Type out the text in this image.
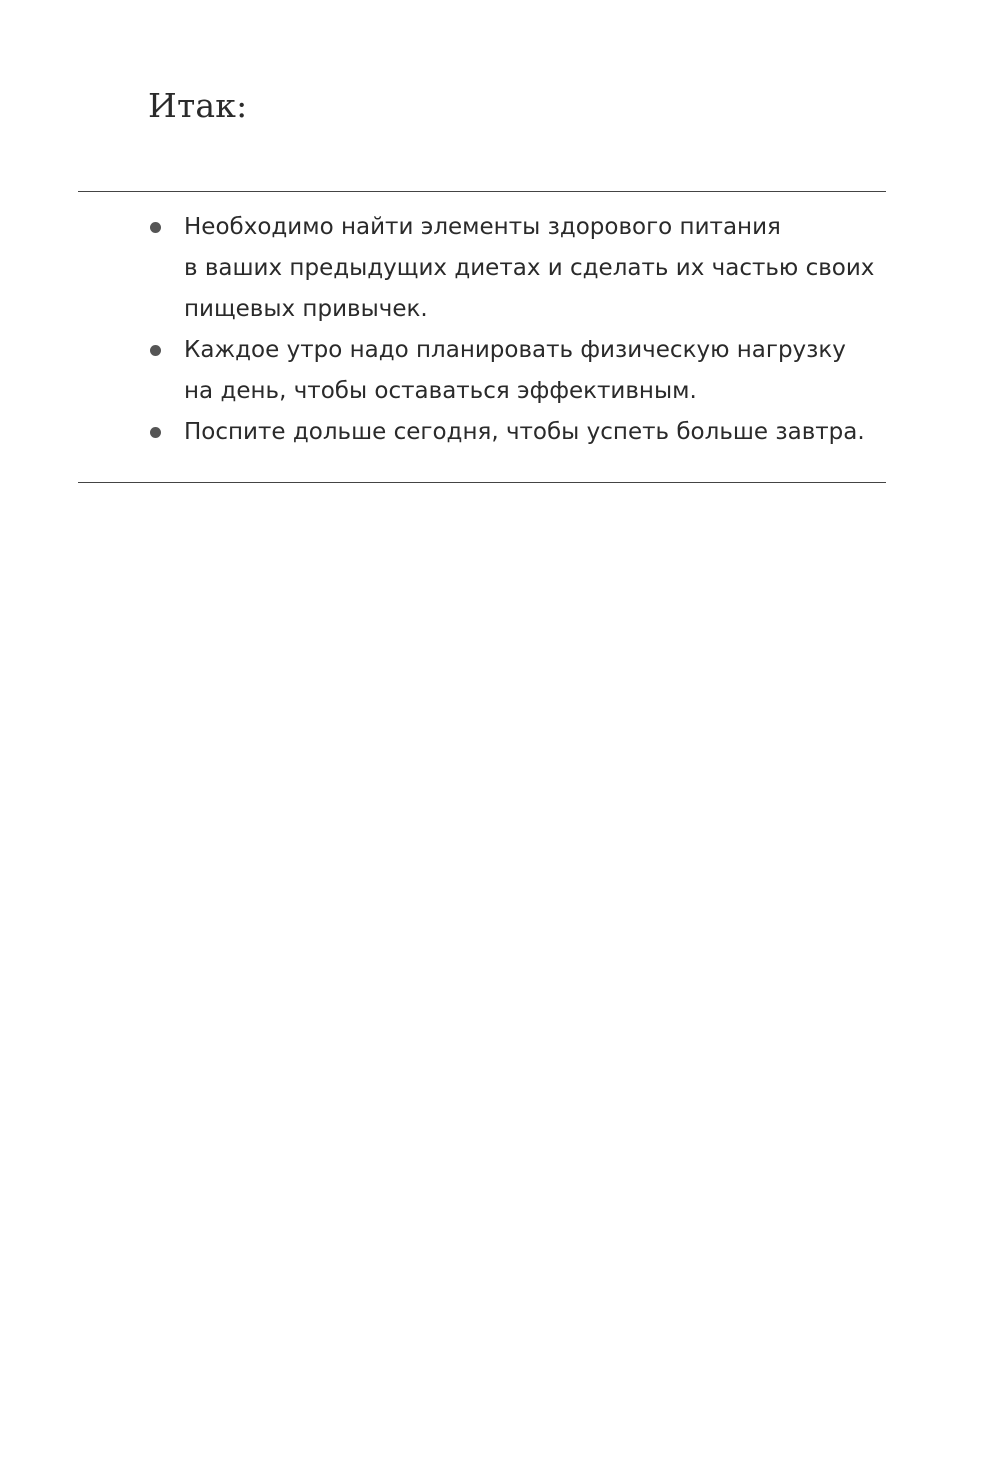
Итак:
Необходимо найти элементы здорового питания
в ваших предыдущих диетах и сделать их частью своих
пищевых привычек.
Каждое утро надо планировать физическую нагрузку
на день, чтобы оставаться эффективным.
Поспите дольше сегодня, чтобы успеть больше завтра.
